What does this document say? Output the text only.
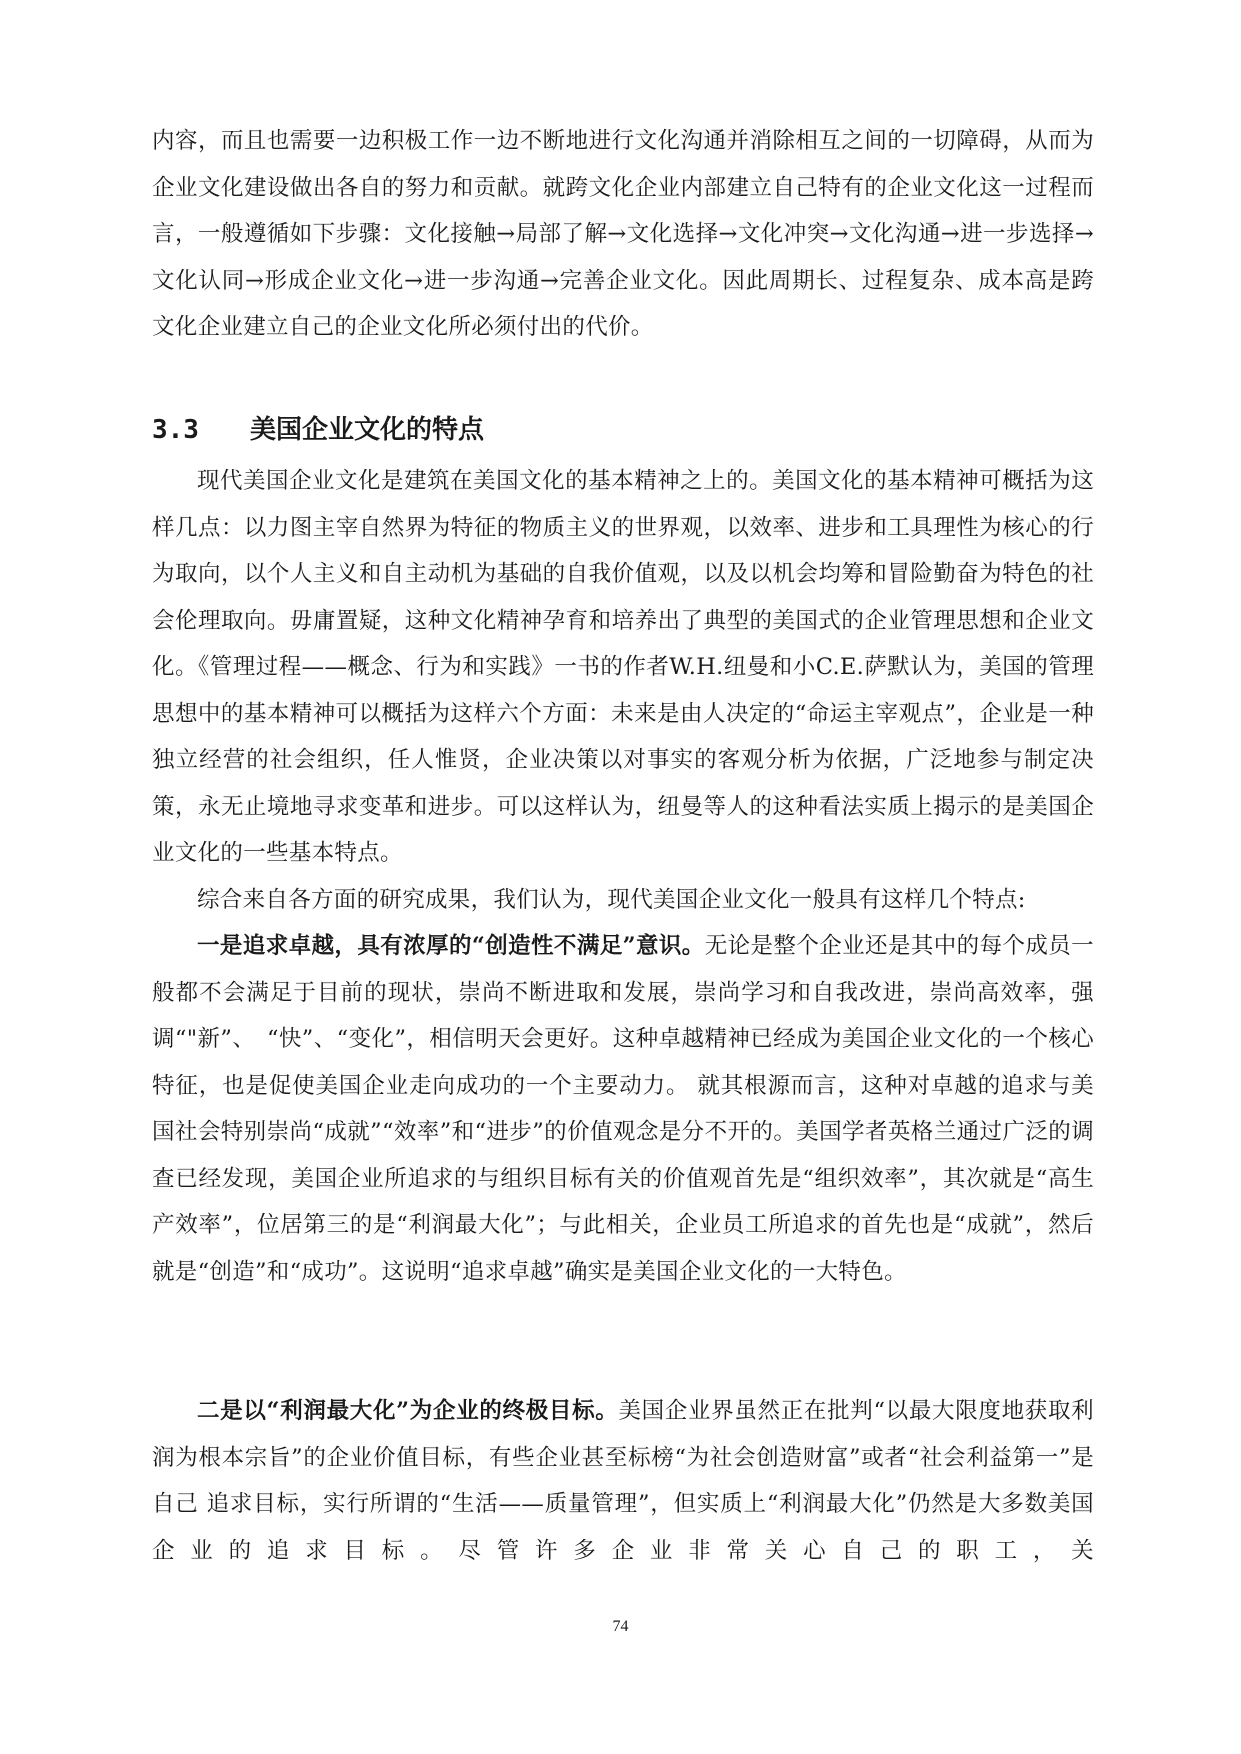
内容，而且也需要一边积极工作一边不断地进行文化沟通并消除相互之间的一切障碍，从而为企业文化建设做出各自的努力和贡献。就跨文化企业内部建立自己特有的企业文化这一过程而言，一般遵循如下步骤：文化接触→局部了解→文化选择→文化冲突→文化沟通→进一步选择→文化认同→形成企业文化→进一步沟通→完善企业文化。因此周期长、过程复杂、成本高是跨文化企业建立自己的企业文化所必须付出的代价。

3.3	美国企业文化的特点

现代美国企业文化是建筑在美国文化的基本精神之上的。美国文化的基本精神可概括为这样几点：以力图主宰自然界为特征的物质主义的世界观，以效率、进步和工具理性为核心的行为取向，以个人主义和自主动机为基础的自我价值观，以及以机会均筹和冒险勤奋为特色的社会伦理取向。毋庸置疑，这种文化精神孕育和培养出了典型的美国式的企业管理思想和企业文化。《管理过程——概念、行为和实践》一书的作者W.H.纽曼和小C.E.萨默认为，美国的管理思想中的基本精神可以概括为这样六个方面：未来是由人决定的“命运主宰观点”，企业是一种独立经营的社会组织，任人惟贤，企业决策以对事实的客观分析为依据，广泛地参与制定决策，永无止境地寻求变革和进步。可以这样认为，纽曼等人的这种看法实质上揭示的是美国企业文化的一些基本特点。

综合来自各方面的研究成果，我们认为，现代美国企业文化一般具有这样几个特点:

一是追求卓越，具有浓厚的“创造性不满足”意识。无论是整个企业还是其中的每个成员一般都不会满足于目前的现状，崇尚不断进取和发展，崇尚学习和自我改进，崇尚高效率，强调“"新”、　“快”、“变化”，相信明天会更好。这种卓越精神已经成为美国企业文化的一个核心特征，也是促使美国企业走向成功的一个主要动力。 就其根源而言，这种对卓越的追求与美国社会特别崇尚“成就”“效率”和“进步”的价值观念是分不开的。美国学者英格兰通过广泛的调查已经发现，美国企业所追求的与组织目标有关的价值观首先是“组织效率”，其次就是“高生产效率”，位居第三的是“利润最大化”；与此相关，企业员工所追求的首先也是“成就”，然后就是“创造”和“成功”。这说明“追求卓越”确实是美国企业文化的一大特色。

二是以“利润最大化”为企业的终极目标。美国企业界虽然正在批判“以最大限度地获取利润为根本宗旨”的企业价值目标，有些企业甚至标榜“为社会创造财富”或者“社会利益第一”是自己 追求目标，实行所谓的“生活——质量管理”，但实质上“利润最大化”仍然是大多数美国企业的追求目标。尽管许多企业非常关心自己的职工，关

74
